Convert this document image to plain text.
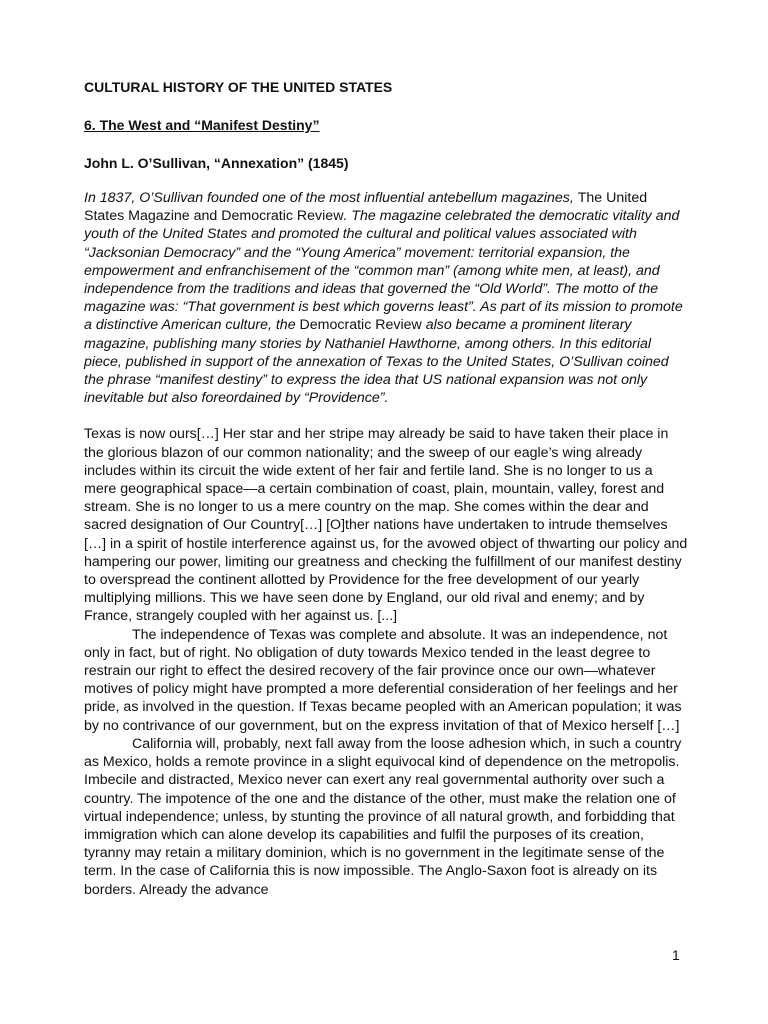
CULTURAL HISTORY OF THE UNITED STATES

6. The West and “Manifest Destiny”

John L. O’Sullivan, “Annexation” (1845)

In 1837, O’Sullivan founded one of the most influential antebellum magazines, The United States Magazine and Democratic Review. The magazine celebrated the democratic vitality and youth of the United States and promoted the cultural and political values associated with “Jacksonian Democracy” and the “Young America” movement: territorial expansion, the empowerment and enfranchisement of the “common man” (among white men, at least), and independence from the traditions and ideas that governed the “Old World”. The motto of the magazine was: “That government is best which governs least”. As part of its mission to promote a distinctive American culture, the Democratic Review also became a prominent literary magazine, publishing many stories by Nathaniel Hawthorne, among others. In this editorial piece, published in support of the annexation of Texas to the United States, O’Sullivan coined the phrase “manifest destiny” to express the idea that US national expansion was not only inevitable but also foreordained by “Providence”.

Texas is now ours[…] Her star and her stripe may already be said to have taken their place in the glorious blazon of our common nationality; and the sweep of our eagle’s wing already includes within its circuit the wide extent of her fair and fertile land. She is no longer to us a mere geographical space—a certain combination of coast, plain, mountain, valley, forest and stream. She is no longer to us a mere country on the map. She comes within the dear and sacred designation of Our Country[…] [O]ther nations have undertaken to intrude themselves […] in a spirit of hostile interference against us, for the avowed object of thwarting our policy and hampering our power, limiting our greatness and checking the fulfillment of our manifest destiny to overspread the continent allotted by Providence for the free development of our yearly multiplying millions. This we have seen done by England, our old rival and enemy; and by France, strangely coupled with her against us. [...]

The independence of Texas was complete and absolute. It was an independence, not only in fact, but of right. No obligation of duty towards Mexico tended in the least degree to restrain our right to effect the desired recovery of the fair province once our own—whatever motives of policy might have prompted a more deferential consideration of her feelings and her pride, as involved in the question. If Texas became peopled with an American population; it was by no contrivance of our government, but on the express invitation of that of Mexico herself […]

California will, probably, next fall away from the loose adhesion which, in such a country as Mexico, holds a remote province in a slight equivocal kind of dependence on the metropolis. Imbecile and distracted, Mexico never can exert any real governmental authority over such a country. The impotence of the one and the distance of the other, must make the relation one of virtual independence; unless, by stunting the province of all natural growth, and forbidding that immigration which can alone develop its capabilities and fulfil the purposes of its creation, tyranny may retain a military dominion, which is no government in the legitimate sense of the term. In the case of California this is now impossible. The Anglo-Saxon foot is already on its borders. Already the advance

1
